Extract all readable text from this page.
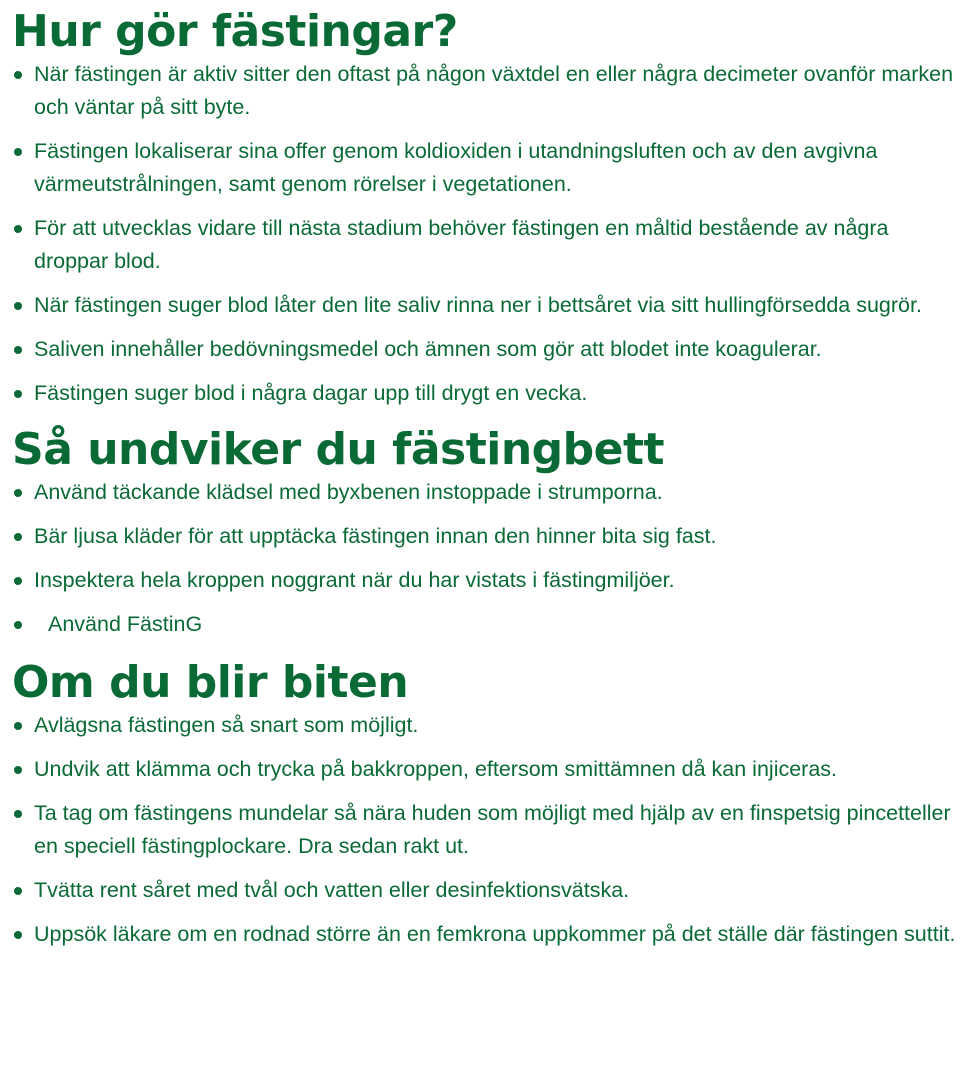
Hur gör fästingar?
När fästingen är aktiv sitter den oftast på någon växtdel en eller några decimeter ovanför marken och väntar på sitt byte.
Fästingen lokaliserar sina offer genom koldioxiden i utandningsluften och av den avgivna värmeutstrålningen, samt genom rörelser i vegetationen.
För att utvecklas vidare till nästa stadium behöver fästingen en måltid bestående av några droppar blod.
När fästingen suger blod låter den lite saliv rinna ner i bettsåret via sitt hullingförsedda sugrör.
Saliven innehåller bedövningsmedel och ämnen som gör att blodet inte koagulerar.
Fästingen suger blod i några dagar upp till drygt en vecka.
Så undviker du fästingbett
Använd täckande klädsel med byxbenen instoppade i strumporna.
Bär ljusa kläder för att upptäcka fästingen innan den hinner bita sig fast.
Inspektera hela kroppen noggrant när du har vistats i fästingmiljöer.
Använd FästinG
Om du blir biten
Avlägsna fästingen så snart som möjligt.
Undvik att klämma och trycka på bakkroppen, eftersom smittämnen då kan injiceras.
Ta tag om fästingens mundelar så nära huden som möjligt med hjälp av en finspetsig pincetteller en speciell fästingplockare. Dra sedan rakt ut.
Tvätta rent såret med tvål och vatten eller desinfektionsvätska.
Uppsök läkare om en rodnad större än en femkrona uppkommer på det ställe där fästingen suttit.
